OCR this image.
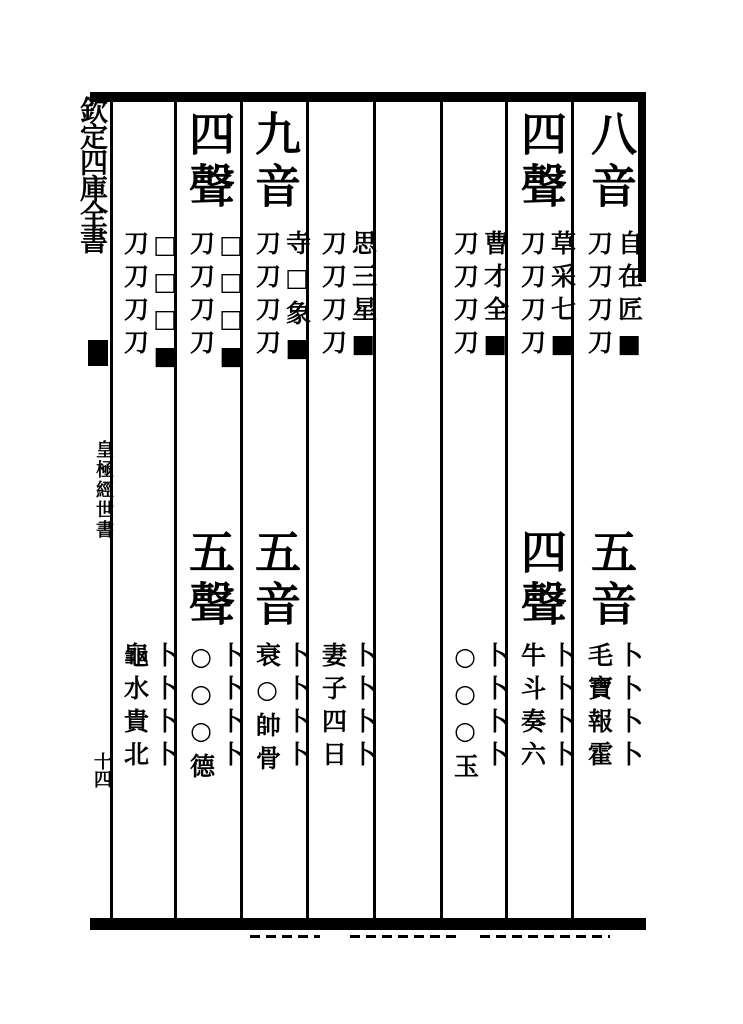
欽定四庫全書
皇極經世書
十四
八音
自在匠■
刀刀刀刀
五音
卜卜卜卜
毛寶報霍
四聲
草采七■
刀刀刀刀
四聲
卜卜卜卜
牛斗奏六
曹才全■
刀刀刀刀
卜卜卜卜
○○○玉
思三星■
刀刀刀刀
卜卜卜卜
妻子四日
九音
寺□象■
刀刀刀刀
五音
卜卜卜卜
衰○帥骨
四聲
□□□■
刀刀刀刀
五聲
卜卜卜卜
○○○德
□□□■
刀刀刀刀
卜卜卜卜
龜水貴北
